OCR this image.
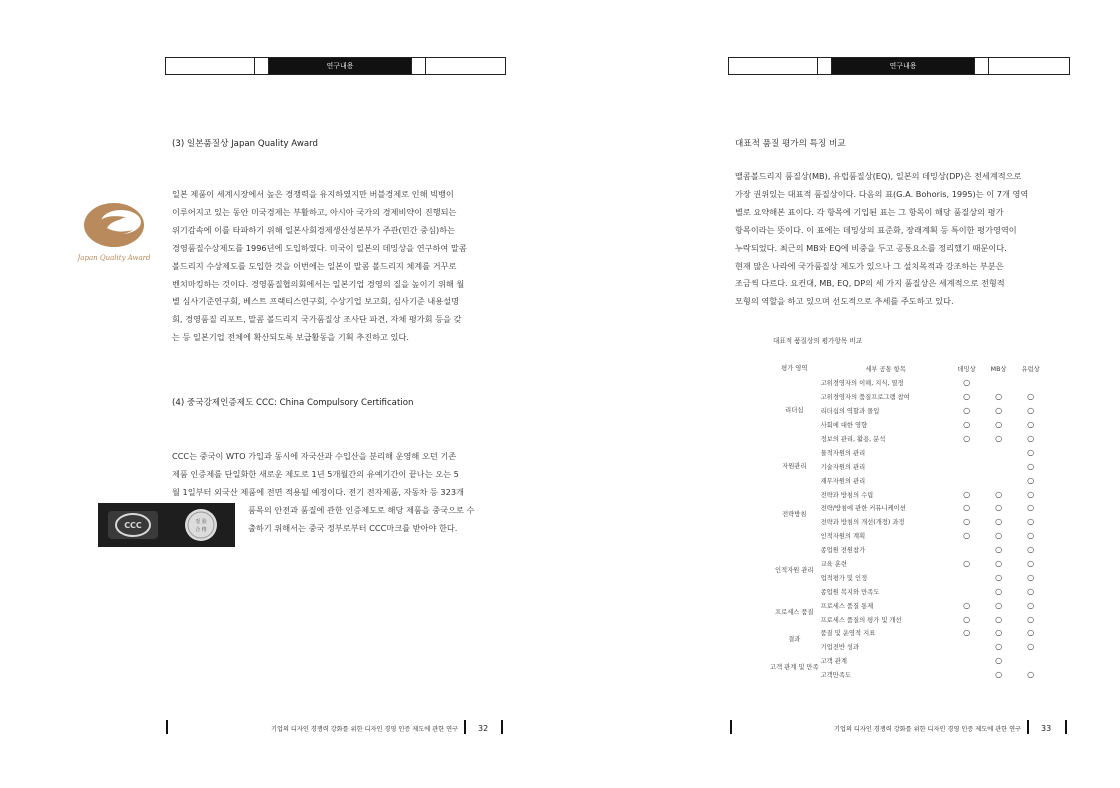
연구내용
(3) 일본품질상 Japan Quality Award

일본 제품이 세계시장에서 높은 경쟁력을 유지하였지만 버블경제로 인해 빅뱅이

이루어지고 있는 동안 미국경제는 부활하고, 아시아 국가의 경제비약이 진행되는

위기감속에 이를 타파하기 위해 일본사회경제생산성본부가 주관(민간 중심)하는

경영품질수상제도를 1996년에 도입하였다. 미국이 일본의 데밍상을 연구하여 말콤

볼드리지 수상제도를 도입한 것을 이번에는 일본이 말콤 볼드리지 체계를 거꾸로

벤치마킹하는 것이다. 경영품질협의회에서는 일본기업 경영의 질을 높이기 위해 월

별 심사기준연구회, 베스트 프랙티스연구회, 수상기업 보고회, 심사기준 내용설명

회, 경영품질 리포트, 말콤 볼드리지 국가품질상 조사단 파견, 자체 평가회 등을 갖

는 등 일본기업 전체에 확산되도록 보급활동을 기획 추진하고 있다.

Japan Quality Award
(4) 중국강제인증제도 CCC: China Compulsory Certification

CCC는 중국이 WTO 가입과 동시에 자국산과 수입산을 분리해 운영해 오던 기존

제품 인증제를 단일화한 새로운 제도로 1년 5개월간의 유예기간이 끝나는 오는 5

월 1일부터 외국산 제품에 전면 적용될 예정이다. 전기 전자제품, 자동차 등 323개

품목의 안전과 품질에 관한 인증제도로 해당 제품을 중국으로 수

출하기 위해서는 중국 정부로부터 CCC마크를 받아야 한다.

CCC	검 验
合 格
기업의 디자인 경쟁력 강화를 위한 디자인 경영 인증 제도에 관한 연구 32
연구내용
대표적 품질 평가의 특징 비교

맬콤볼드리지 품질상(MB), 유럽품질상(EQ), 일본의 데밍상(DP)은 전세계적으로

가장 권위있는 대표적 품질상이다. 다음의 표(G.A. Bohoris, 1995)는 이 7개 영역

별로 요약해본 표이다. 각 항목에 기입된 표는 그 항목이 해당 품질상의 평가

항목이라는 뜻이다. 이 표에는 데밍상의 표준화, 장래계획 등 특이한 평가영역이

누락되었다. 최근의 MB와 EQ에 비중을 두고 공통요소를 정리했기 때문이다.

현재 많은 나라에 국가품질상 제도가 있으나 그 설치목적과 강조하는 부분은

조금씩 다르다. 요컨대, MB, EQ, DP의 세 가지 품질상은 세계적으로 전형적

모형의 역할을 하고 있으며 선도적으로 추세를 주도하고 있다.

기업의 디자인 경쟁력 강화를 위한 디자인 경영 인증 제도에 관한 연구 33
대표적 품질상의 평가항목 비교
평가 영역	세부 공통 항목	데밍상	MB상	유럽상
리더십	고위경영자의 이해, 지식, 열정	○		
	고위경영자의 품질프로그램 참여	○	○	○
	리더십의 역할과 몰입	○	○	○
	사회에 대한 영향	○	○	○
	정보의 관리, 활용, 분석	○	○	○
자원관리	물적자원의 관리			○
	기술자원의 관리			○
	재무자원의 관리			○
전략방침	전략과 방침의 수립	○	○	○
	전략/방침에 관한 커뮤니케이션	○	○	○
	전략과 방침의 개선(개정) 과정	○	○	○
	인적자원의 계획	○	○	○
인적자원 관리	종업원 전원참가		○	○
	교육 훈련	○	○	○
	업적평가 및 인정		○	○
	종업원 복지와 만족도		○	○
프로세스 품질	프로세스 품질 통제	○	○	○
	프로세스 품질의 평가 및 개선	○	○	○
결과	품질 및 운영적 지표	○	○	○
	기업전반 성과		○	○
고객 관계 및 만족	고객 관계		○	
	고객만족도		○	○
